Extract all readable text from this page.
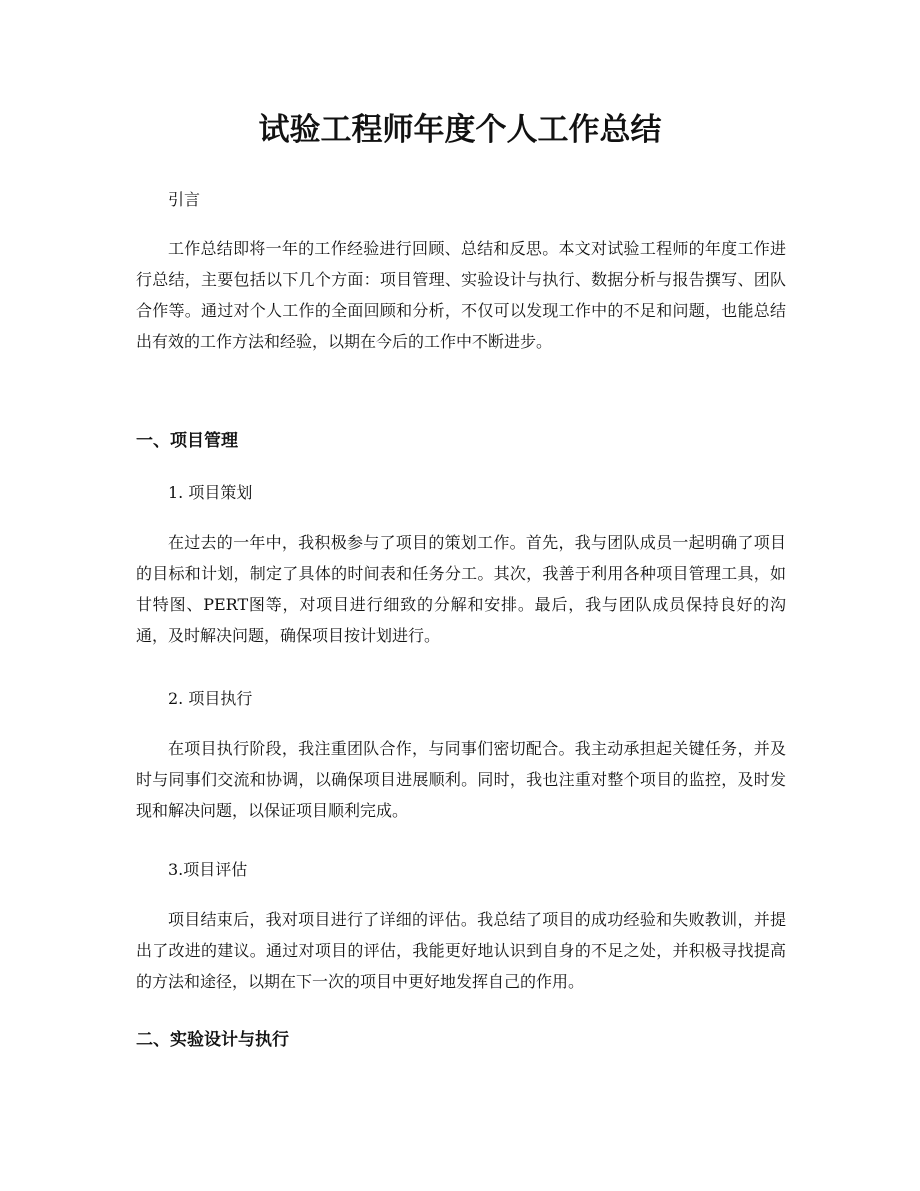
试验工程师年度个人工作总结

引言

工作总结即将一年的工作经验进行回顾、总结和反思。本文对试验工程师的年度工作进行总结，主要包括以下几个方面：项目管理、实验设计与执行、数据分析与报告撰写、团队合作等。通过对个人工作的全面回顾和分析，不仅可以发现工作中的不足和问题，也能总结出有效的工作方法和经验，以期在今后的工作中不断进步。

一、项目管理

1. 项目策划

在过去的一年中，我积极参与了项目的策划工作。首先，我与团队成员一起明确了项目的目标和计划，制定了具体的时间表和任务分工。其次，我善于利用各种项目管理工具，如甘特图、PERT图等，对项目进行细致的分解和安排。最后，我与团队成员保持良好的沟通，及时解决问题，确保项目按计划进行。

2. 项目执行

在项目执行阶段，我注重团队合作，与同事们密切配合。我主动承担起关键任务，并及时与同事们交流和协调，以确保项目进展顺利。同时，我也注重对整个项目的监控，及时发现和解决问题，以保证项目顺利完成。

3.项目评估

项目结束后，我对项目进行了详细的评估。我总结了项目的成功经验和失败教训，并提出了改进的建议。通过对项目的评估，我能更好地认识到自身的不足之处，并积极寻找提高的方法和途径，以期在下一次的项目中更好地发挥自己的作用。

二、实验设计与执行
